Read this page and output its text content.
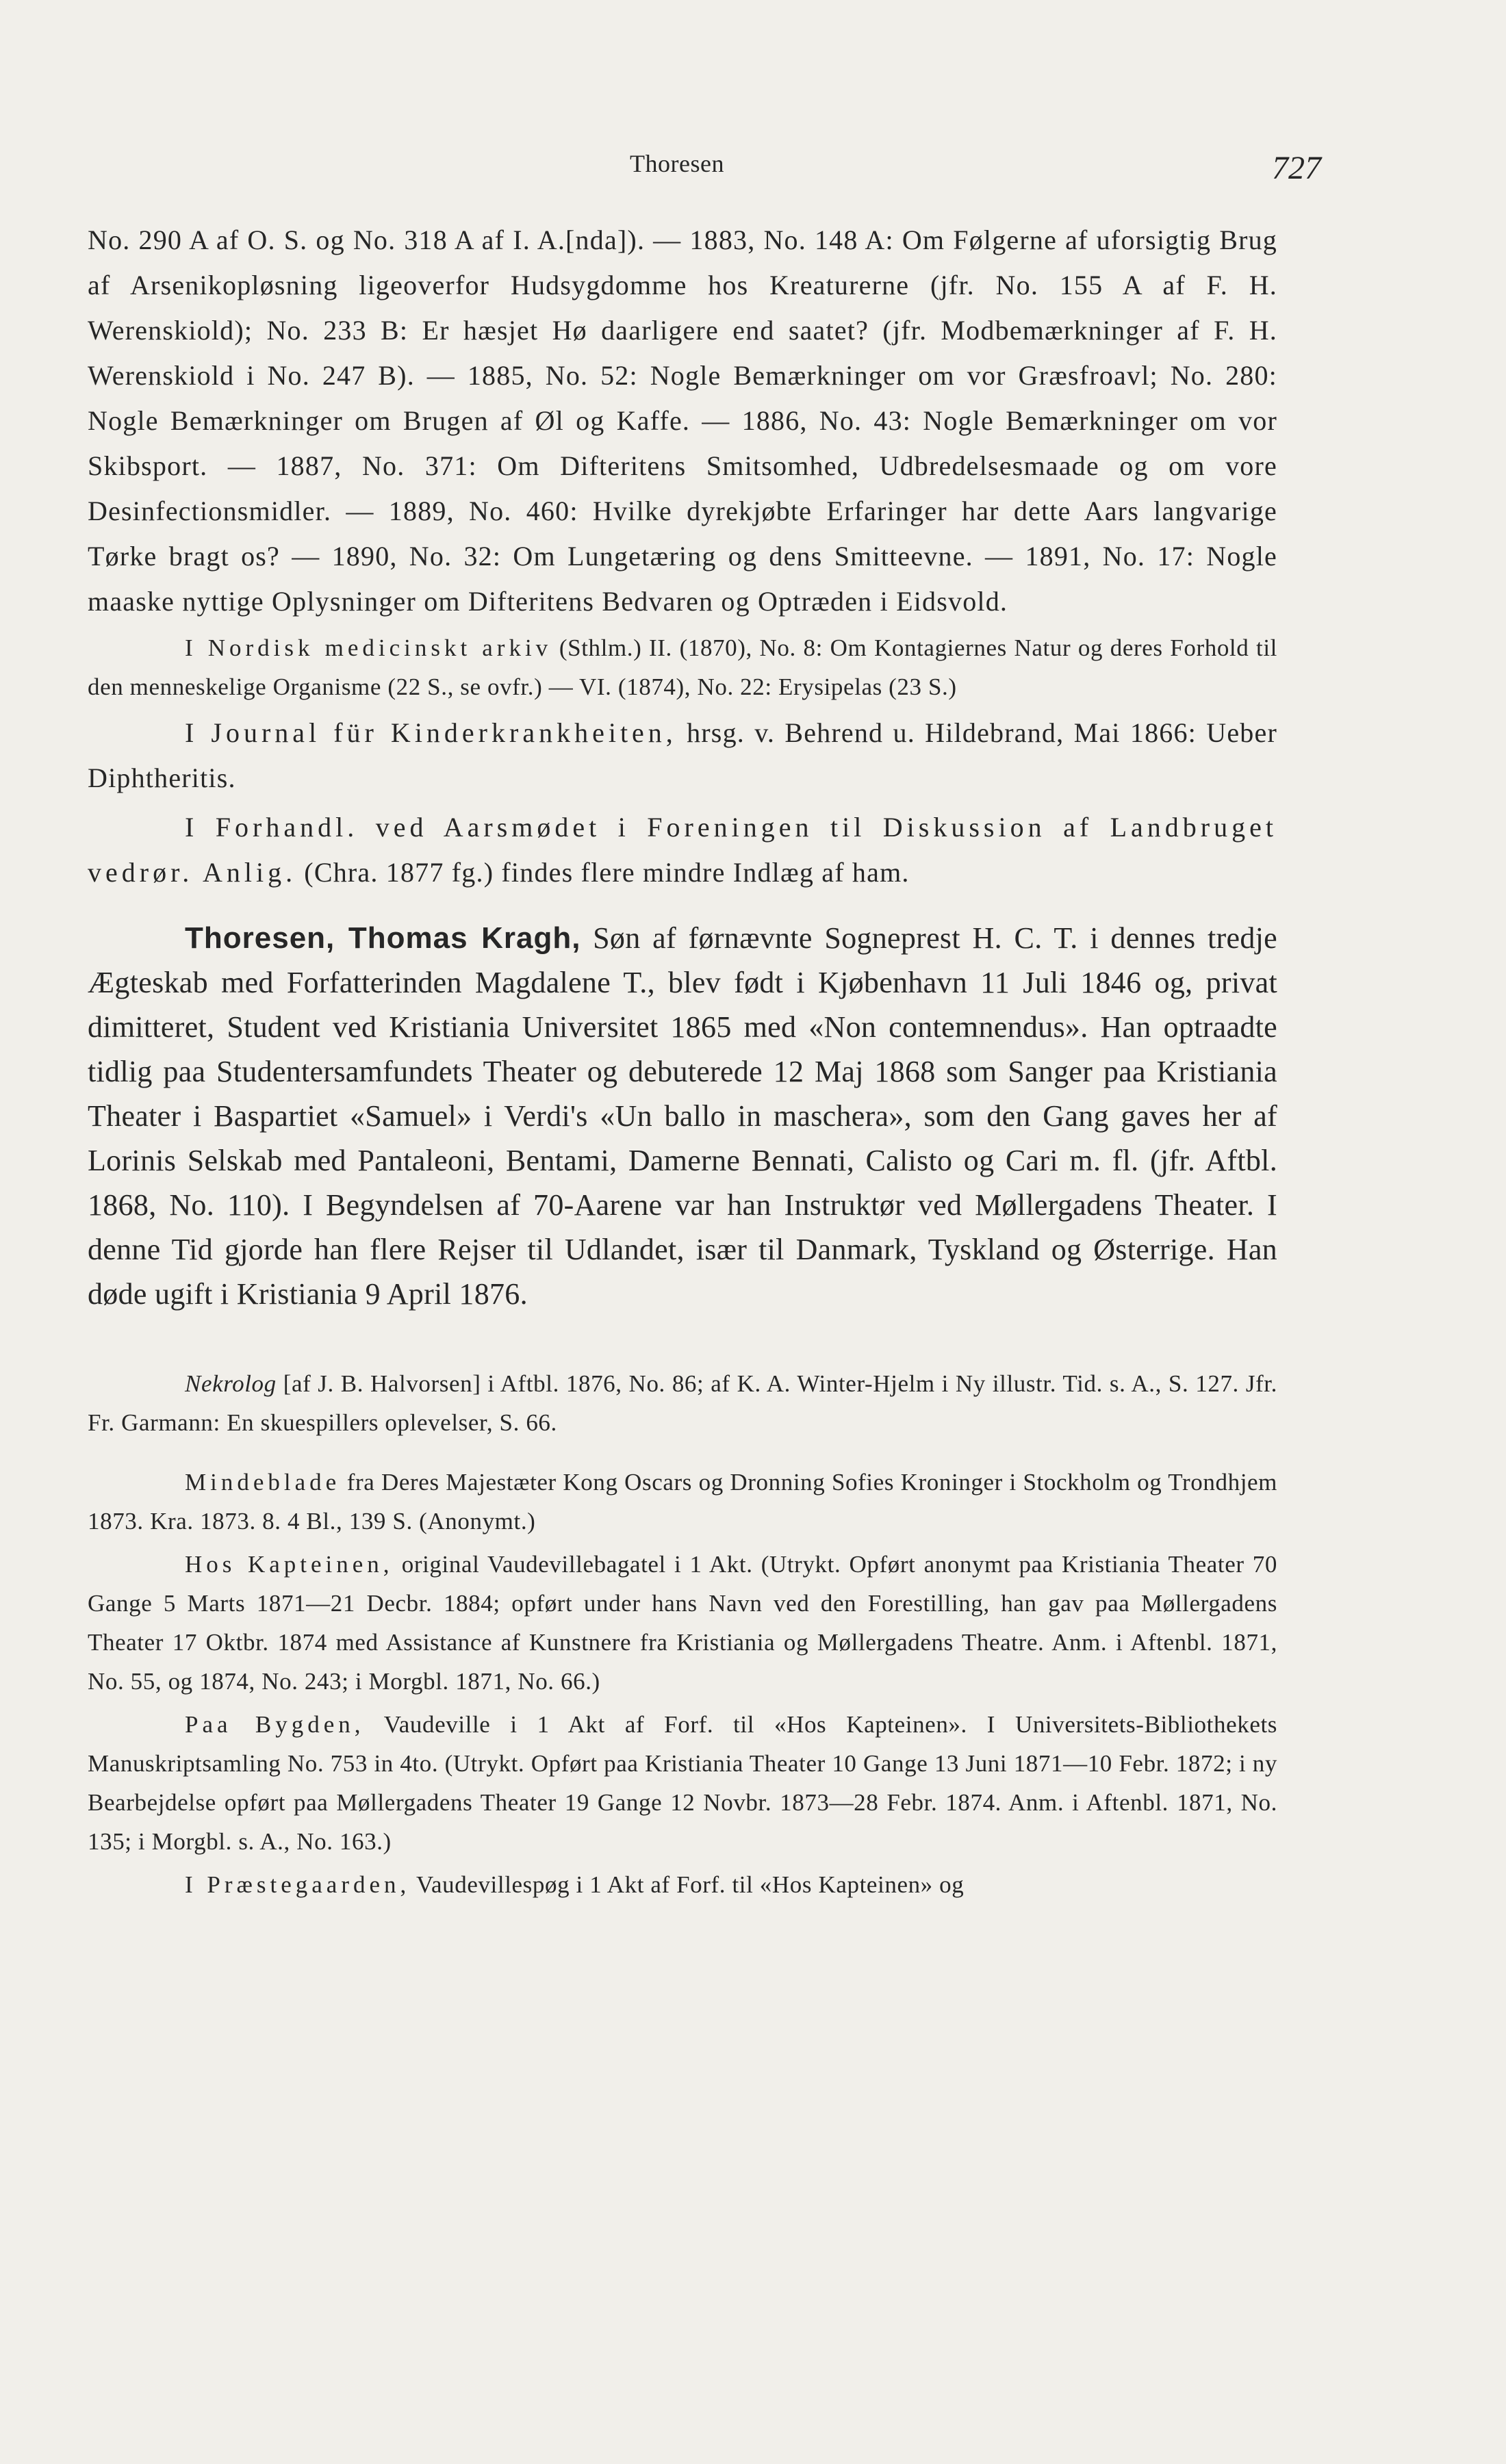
Thoresen	727

No. 290 A af O. S. og No. 318 A af I. A.[nda]). — 1883, No. 148 A: Om Følgerne af uforsigtig Brug af Arsenikopløsning ligeoverfor Hudsygdomme hos Kreaturerne (jfr. No. 155 A af F. H. Werenskiold); No. 233 B: Er hæsjet Hø daarligere end saatet? (jfr. Modbemærkninger af F. H. Werenskiold i No. 247 B). — 1885, No. 52: Nogle Bemærkninger om vor Græsfroavl; No. 280: Nogle Bemærkninger om Brugen af Øl og Kaffe. — 1886, No. 43: Nogle Bemærkninger om vor Skibsport. — 1887, No. 371: Om Difteritens Smitsomhed, Udbredelsesmaade og om vore Desinfectionsmidler. — 1889, No. 460: Hvilke dyrekjøbte Erfaringer har dette Aars langvarige Tørke bragt os? — 1890, No. 32: Om Lungetæring og dens Smitteevne. — 1891, No. 17: Nogle maaske nyttige Oplysninger om Difteritens Bedvaren og Optræden i Eidsvold.

I Nordisk medicinskt arkiv (Sthlm.) II. (1870), No. 8: Om Kontagiernes Natur og deres Forhold til den menneskelige Organisme (22 S., se ovfr.) — VI. (1874), No. 22: Erysipelas (23 S.)

I Journal für Kinderkrankheiten, hrsg. v. Behrend u. Hildebrand, Mai 1866: Ueber Diphtheritis.

I Forhandl. ved Aarsmødet i Foreningen til Diskussion af Landbruget vedrør. Anlig. (Chra. 1877 fg.) findes flere mindre Indlæg af ham.

Thoresen, Thomas Kragh, Søn af førnævnte Sogneprest H. C. T. i dennes tredje Ægteskab med Forfatterinden Magdalene T., blev født i Kjøbenhavn 11 Juli 1846 og, privat dimitteret, Student ved Kristiania Universitet 1865 med «Non contemnendus». Han optraadte tidlig paa Studentersamfundets Theater og debuterede 12 Maj 1868 som Sanger paa Kristiania Theater i Baspartiet «Samuel» i Verdi's «Un ballo in maschera», som den Gang gaves her af Lorinis Selskab med Pantaleoni, Bentami, Damerne Bennati, Calisto og Cari m. fl. (jfr. Aftbl. 1868, No. 110). I Begyndelsen af 70-Aarene var han Instruktør ved Møllergadens Theater. I denne Tid gjorde han flere Rejser til Udlandet, især til Danmark, Tyskland og Østerrige. Han døde ugift i Kristiania 9 April 1876.

Nekrolog [af J. B. Halvorsen] i Aftbl. 1876, No. 86; af K. A. Winter-Hjelm i Ny illustr. Tid. s. A., S. 127. Jfr. Fr. Garmann: En skuespillers oplevelser, S. 66.

Mindeblade fra Deres Majestæter Kong Oscars og Dronning Sofies Kroninger i Stockholm og Trondhjem 1873. Kra. 1873. 8. 4 Bl., 139 S. (Anonymt.)

Hos Kapteinen, original Vaudevillebagatel i 1 Akt. (Utrykt. Opført anonymt paa Kristiania Theater 70 Gange 5 Marts 1871—21 Decbr. 1884; opført under hans Navn ved den Forestilling, han gav paa Møllergadens Theater 17 Oktbr. 1874 med Assistance af Kunstnere fra Kristiania og Møllergadens Theatre. Anm. i Aftenbl. 1871, No. 55, og 1874, No. 243; i Morgbl. 1871, No. 66.)

Paa Bygden, Vaudeville i 1 Akt af Forf. til «Hos Kapteinen». I Universitets-Bibliothekets Manuskriptsamling No. 753 in 4to. (Utrykt. Opført paa Kristiania Theater 10 Gange 13 Juni 1871—10 Febr. 1872; i ny Bearbejdelse opført paa Møllergadens Theater 19 Gange 12 Novbr. 1873—28 Febr. 1874. Anm. i Aftenbl. 1871, No. 135; i Morgbl. s. A., No. 163.)

I Præstegaarden, Vaudevillespøg i 1 Akt af Forf. til «Hos Kapteinen» og
